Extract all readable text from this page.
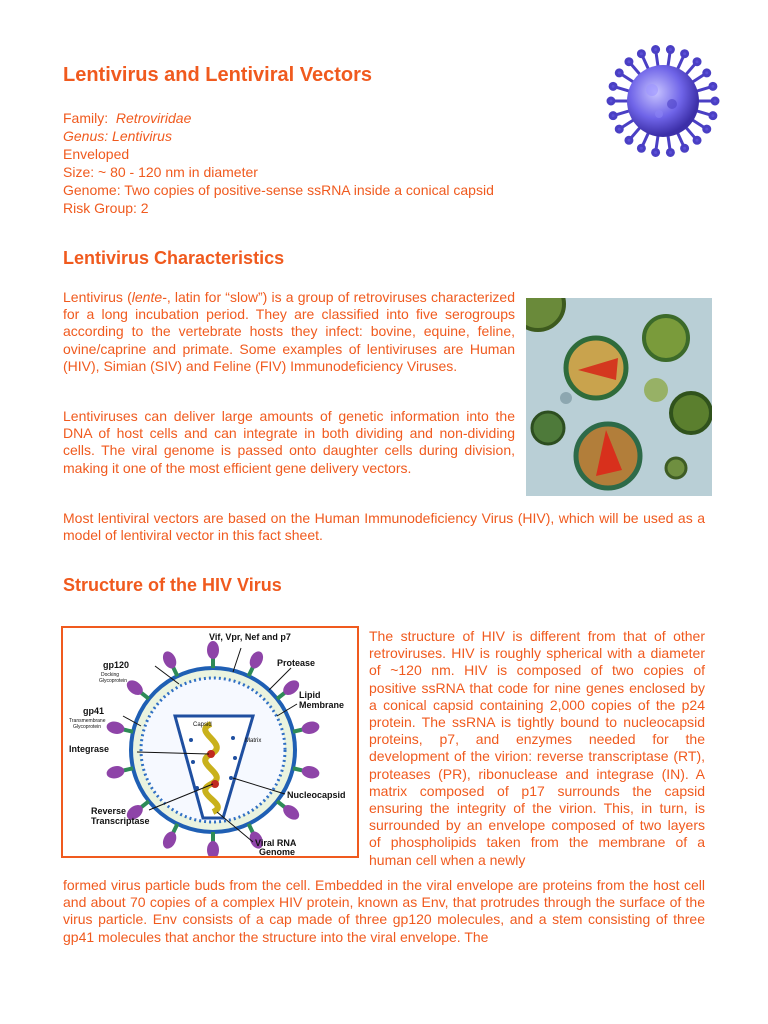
Lentivirus and Lentiviral Vectors
Family: Retroviridae
Genus: Lentivirus
Enveloped
Size: ~ 80 - 120 nm in diameter
Genome: Two copies of positive-sense ssRNA inside a conical capsid
Risk Group: 2
Lentivirus Characteristics

Lentivirus (lente-, latin for “slow”) is a group of retroviruses characterized for a long incubation period. They are classified into five serogroups according to the vertebrate hosts they infect: bovine, equine, feline, ovine/caprine and primate. Some examples of lentiviruses are Human (HIV), Simian (SIV) and Feline (FIV) Immunodeficiency Viruses.

Lentiviruses can deliver large amounts of genetic information into the DNA of host cells and can integrate in both dividing and non-dividing cells. The viral genome is passed onto daughter cells during division, making it one of the most efficient gene delivery vectors.

Most lentiviral vectors are based on the Human Immunodeficiency Virus (HIV), which will be used as a model of lentiviral vector in this fact sheet.

Structure of the HIV Virus
Vif, Vpr, Nef and p7
gp120
Docking
Glycoprotein
Protease
Lipid
Membrane
gp41
Transmembrane
Glycoprotein	Capsid
Matrix
Integrase
Nucleocapsid
Reverse
Transcriptase
Viral RNA
Genome

The structure of HIV is different from that of other retroviruses. HIV is roughly spherical with a diameter of ~120 nm. HIV is composed of two copies of positive ssRNA that code for nine genes enclosed by a conical capsid containing 2,000 copies of the p24 protein. The ssRNA is tightly bound to nucleocapsid proteins, p7, and enzymes needed for the development of the virion: reverse transcriptase (RT), proteases (PR), ribonuclease and integrase (IN). A matrix composed of p17 surrounds the capsid ensuring the integrity of the virion. This, in turn, is surrounded by an envelope composed of two layers of phospholipids taken from the membrane of a human cell when a newly

formed virus particle buds from the cell. Embedded in the viral envelope are proteins from the host cell and about 70 copies of a complex HIV protein, known as Env, that protrudes through the surface of the virus particle. Env consists of a cap made of three gp120 molecules, and a stem consisting of three gp41 molecules that anchor the structure into the viral envelope. The
